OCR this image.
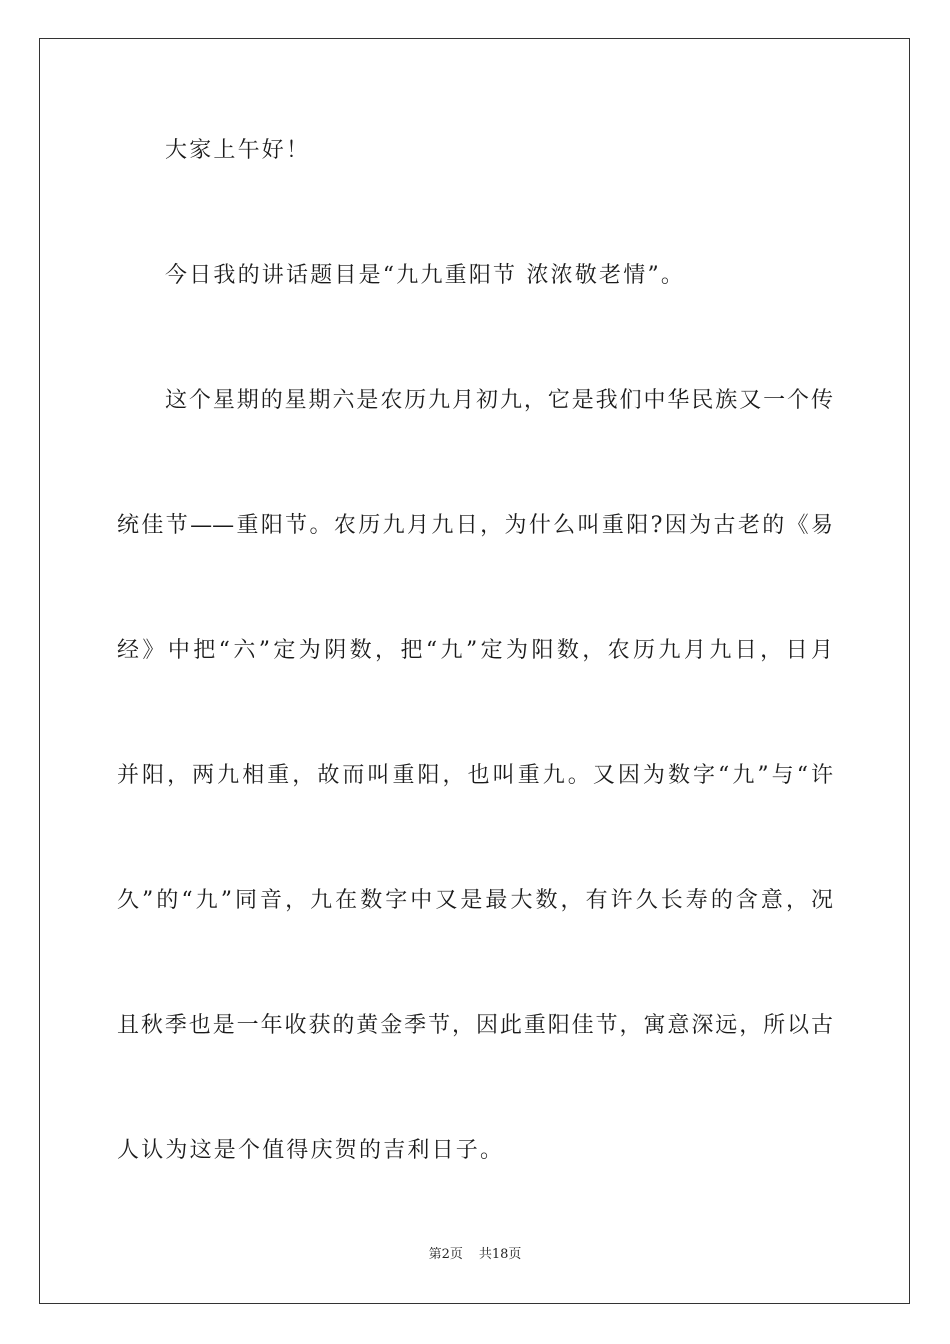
大家上午好！
今日我的讲话题目是“九九重阳节 浓浓敬老情”。
这个星期的星期六是农历九月初九，它是我们中华民族又一个传
统佳节——重阳节。农历九月九日，为什么叫重阳?因为古老的《易
经》中把“六”定为阴数，把“九”定为阳数，农历九月九日，日月
并阳，两九相重，故而叫重阳，也叫重九。又因为数字“九”与“许
久”的“九”同音，九在数字中又是最大数，有许久长寿的含意，况
且秋季也是一年收获的黄金季节，因此重阳佳节，寓意深远，所以古
人认为这是个值得庆贺的吉利日子。
第2页 共18页
